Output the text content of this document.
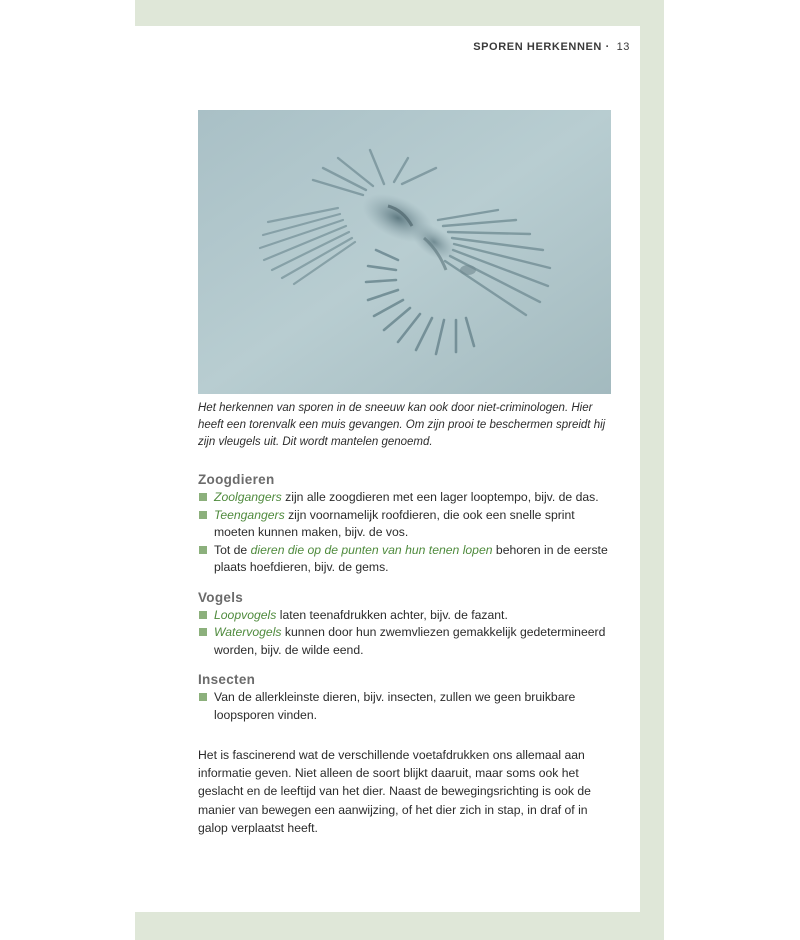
SPOREN HERKENNEN · 13
Het herkennen van sporen in de sneeuw kan ook door niet-criminologen. Hier heeft een torenvalk een muis gevangen. Om zijn prooi te beschermen spreidt hij zijn vleugels uit. Dit wordt mantelen genoemd.
Zoogdieren
Zoolgangers zijn alle zoogdieren met een lager looptempo, bijv. de das.
Teengangers zijn voornamelijk roofdieren, die ook een snelle sprint moeten kunnen maken, bijv. de vos.
Tot de dieren die op de punten van hun tenen lopen behoren in de eerste plaats hoefdieren, bijv. de gems.
Vogels
Loopvogels laten teenafdrukken achter, bijv. de fazant.
Watervogels kunnen door hun zwemvliezen gemakkelijk gedetermineerd worden, bijv. de wilde eend.
Insecten
Van de allerkleinste dieren, bijv. insecten, zullen we geen bruikbare loopsporen vinden.

Het is fascinerend wat de verschillende voetafdrukken ons allemaal aan informatie geven. Niet alleen de soort blijkt daaruit, maar soms ook het geslacht en de leeftijd van het dier. Naast de bewegingsrichting is ook de manier van bewegen een aanwijzing, of het dier zich in stap, in draf of in galop verplaatst heeft.
